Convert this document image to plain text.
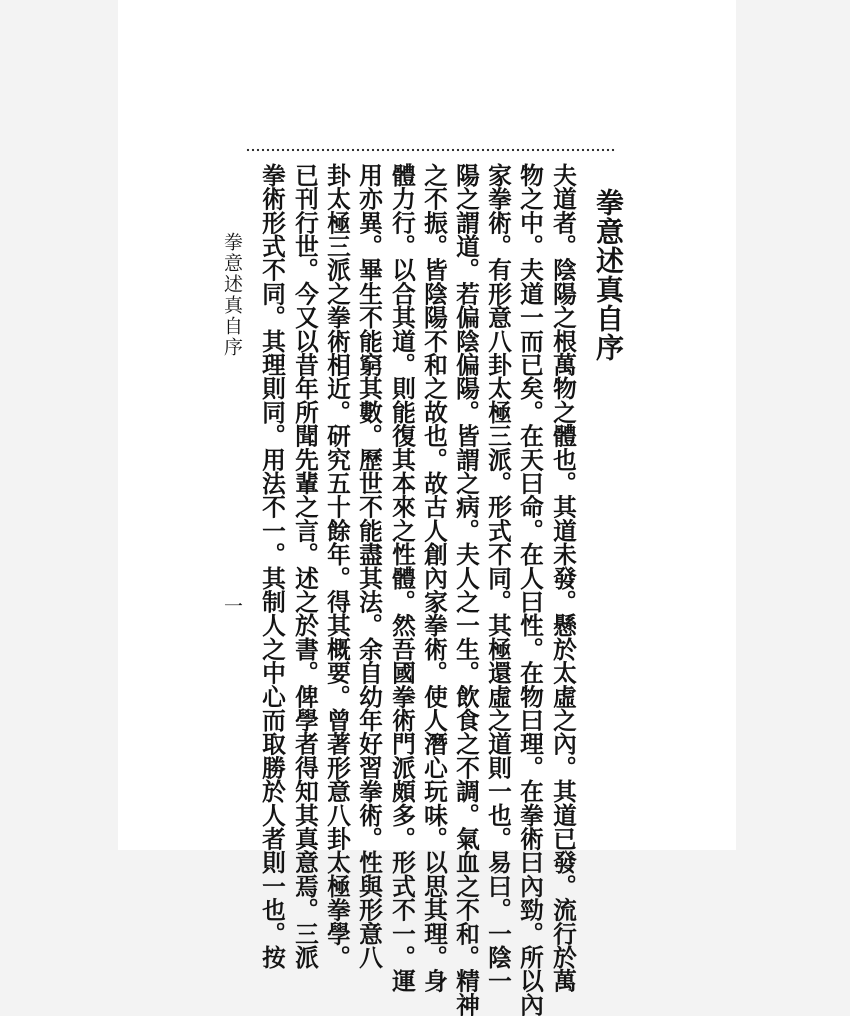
拳意述真自序

夫道者。陰陽之根萬物之體也。其道未發。懸於太虛之內。其道已發。流行於萬

物之中。夫道一而已矣。在天曰命。在人曰性。在物曰理。在拳術曰內勁。所以內

家拳術。有形意八卦太極三派。形式不同。其極還虛之道則一也。易曰。一陰一

陽之謂道。若偏陰偏陽。皆謂之病。夫人之一生。飲食之不調。氣血之不和。精神

之不振。皆陰陽不和之故也。故古人創內家拳術。使人潛心玩味。以思其理。身

體力行。以合其道。則能復其本來之性體。然吾國拳術門派頗多。形式不一。運

用亦異。畢生不能窮其數。歷世不能盡其法。余自幼年好習拳術。性與形意八

卦太極三派之拳術相近。研究五十餘年。得其概要。曾著形意八卦太極拳學。

已刊行世。今又以昔年所聞先輩之言。述之於書。俾學者得知其真意焉。三派

拳術形式不同。其理則同。用法不一。其制人之中心而取勝於人者則一也。按

拳意述真自序
一
